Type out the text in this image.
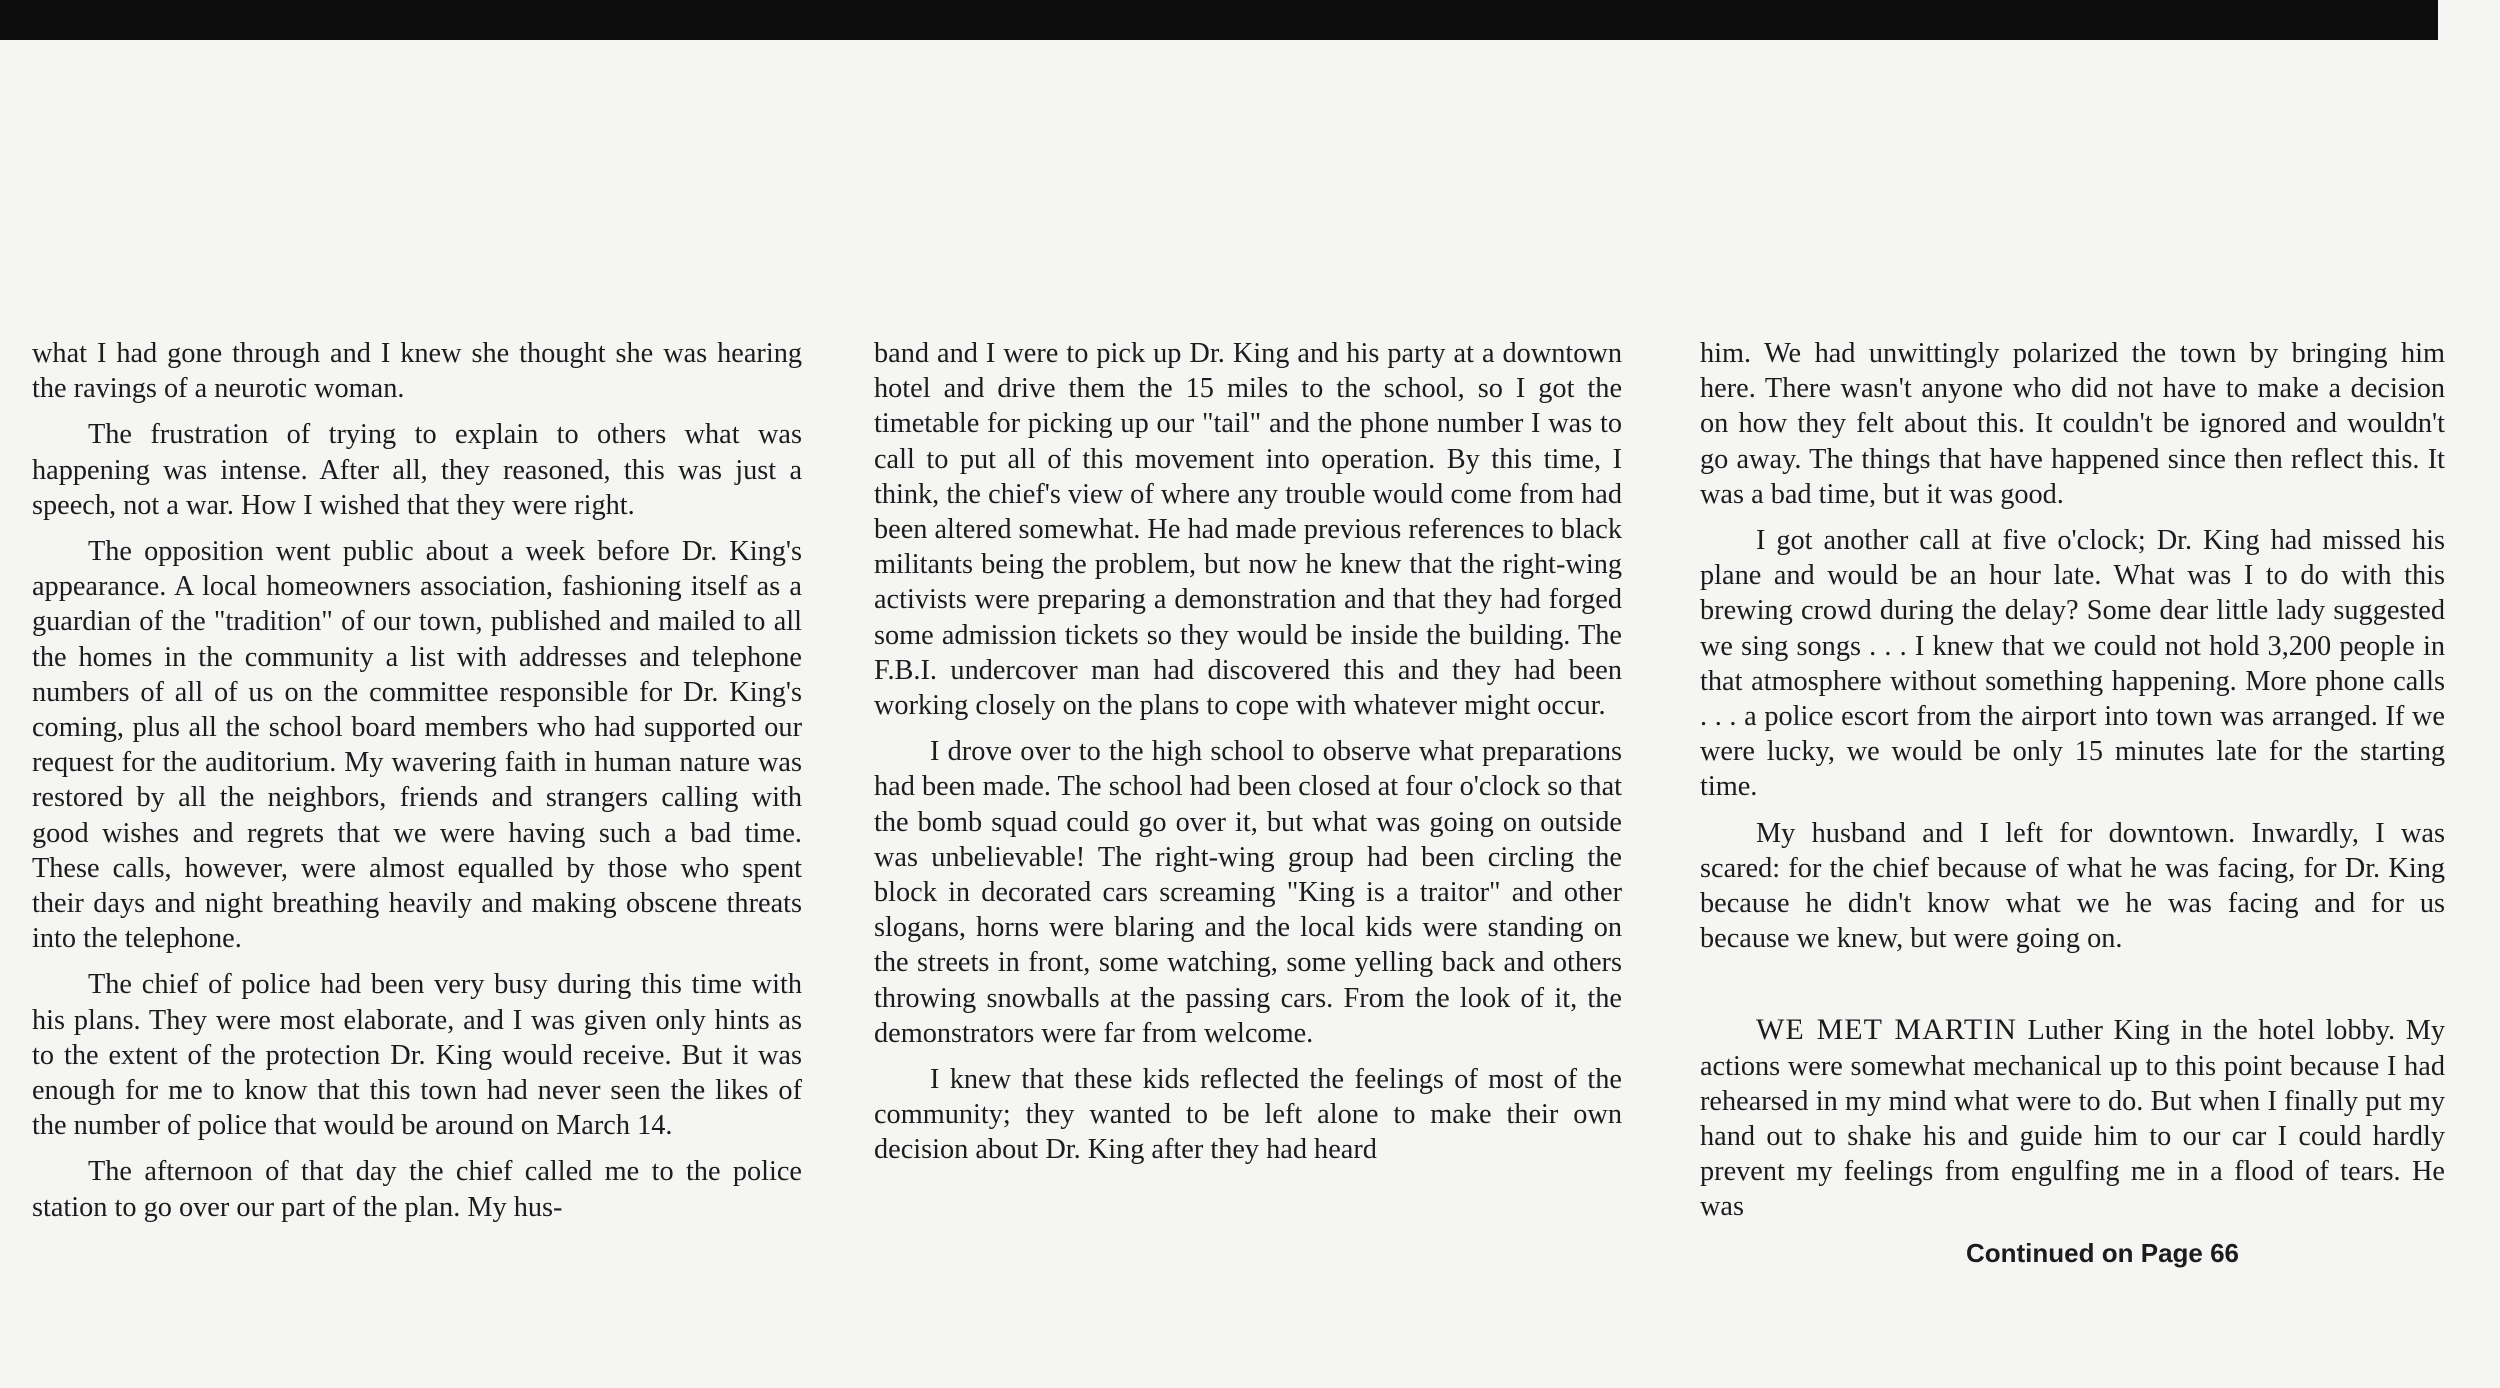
what I had gone through and I knew she thought she was hearing the ravings of a neurotic woman.

The frustration of trying to explain to others what was happening was intense. After all, they reasoned, this was just a speech, not a war. How I wished that they were right.

The opposition went public about a week before Dr. King's appearance. A local homeowners association, fashioning itself as a guardian of the "tradition" of our town, published and mailed to all the homes in the community a list with addresses and telephone numbers of all of us on the committee responsible for Dr. King's coming, plus all the school board members who had supported our request for the auditorium. My wavering faith in human nature was restored by all the neighbors, friends and strangers calling with good wishes and regrets that we were having such a bad time. These calls, however, were almost equalled by those who spent their days and night breathing heavily and making obscene threats into the telephone.

The chief of police had been very busy during this time with his plans. They were most elaborate, and I was given only hints as to the extent of the protection Dr. King would receive. But it was enough for me to know that this town had never seen the likes of the number of police that would be around on March 14.

The afternoon of that day the chief called me to the police station to go over our part of the plan. My hus-

band and I were to pick up Dr. King and his party at a downtown hotel and drive them the 15 miles to the school, so I got the timetable for picking up our "tail" and the phone number I was to call to put all of this movement into operation. By this time, I think, the chief's view of where any trouble would come from had been altered somewhat. He had made previous references to black militants being the problem, but now he knew that the right-wing activists were preparing a demonstration and that they had forged some admission tickets so they would be inside the building. The F.B.I. undercover man had discovered this and they had been working closely on the plans to cope with whatever might occur.

I drove over to the high school to observe what preparations had been made. The school had been closed at four o'clock so that the bomb squad could go over it, but what was going on outside was unbelievable! The right-wing group had been circling the block in decorated cars screaming "King is a traitor" and other slogans, horns were blaring and the local kids were standing on the streets in front, some watching, some yelling back and others throwing snowballs at the passing cars. From the look of it, the demonstrators were far from welcome.

I knew that these kids reflected the feelings of most of the community; they wanted to be left alone to make their own decision about Dr. King after they had heard

him. We had unwittingly polarized the town by bringing him here. There wasn't anyone who did not have to make a decision on how they felt about this. It couldn't be ignored and wouldn't go away. The things that have happened since then reflect this. It was a bad time, but it was good.

I got another call at five o'clock; Dr. King had missed his plane and would be an hour late. What was I to do with this brewing crowd during the delay? Some dear little lady suggested we sing songs . . . I knew that we could not hold 3,200 people in that atmosphere without something happening. More phone calls . . . a police escort from the airport into town was arranged. If we were lucky, we would be only 15 minutes late for the starting time.

My husband and I left for downtown. Inwardly, I was scared: for the chief because of what he was facing, for Dr. King because he didn't know what we he was facing and for us because we knew, but were going on.

WE MET MARTIN Luther King in the hotel lobby. My actions were somewhat mechanical up to this point because I had rehearsed in my mind what were to do. But when I finally put my hand out to shake his and guide him to our car I could hardly prevent my feelings from engulfing me in a flood of tears. He was

Continued on Page 66
